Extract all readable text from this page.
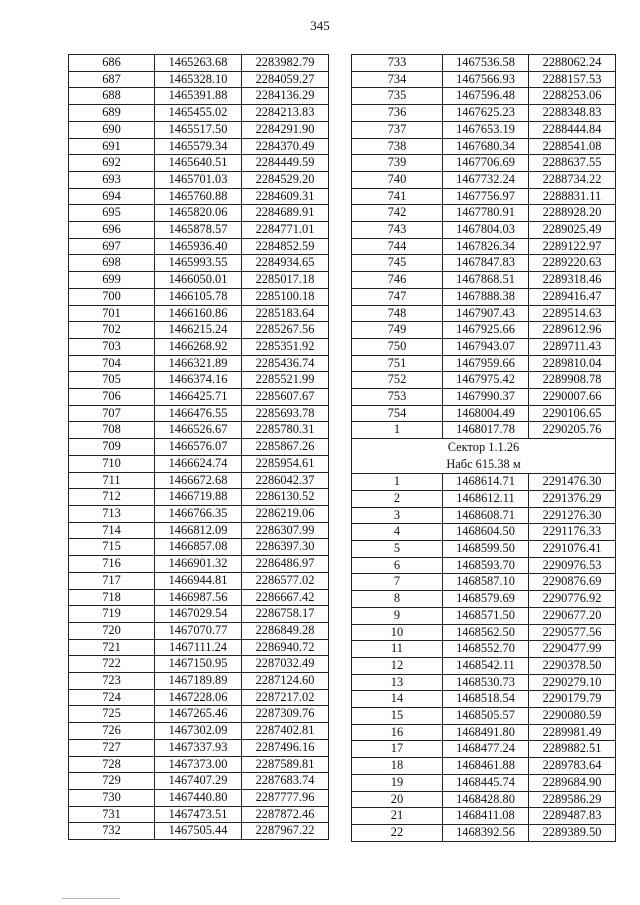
345
686	1465263.68	2283982.79
687	1465328.10	2284059.27
688	1465391.88	2284136.29
689	1465455.02	2284213.83
690	1465517.50	2284291.90
691	1465579.34	2284370.49
692	1465640.51	2284449.59
693	1465701.03	2284529.20
694	1465760.88	2284609.31
695	1465820.06	2284689.91
696	1465878.57	2284771.01
697	1465936.40	2284852.59
698	1465993.55	2284934.65
699	1466050.01	2285017.18
700	1466105.78	2285100.18
701	1466160.86	2285183.64
702	1466215.24	2285267.56
703	1466268.92	2285351.92
704	1466321.89	2285436.74
705	1466374.16	2285521.99
706	1466425.71	2285607.67
707	1466476.55	2285693.78
708	1466526.67	2285780.31
709	1466576.07	2285867.26
710	1466624.74	2285954.61
711	1466672.68	2286042.37
712	1466719.88	2286130.52
713	1466766.35	2286219.06
714	1466812.09	2286307.99
715	1466857.08	2286397.30
716	1466901.32	2286486.97
717	1466944.81	2286577.02
718	1466987.56	2286667.42
719	1467029.54	2286758.17
720	1467070.77	2286849.28
721	1467111.24	2286940.72
722	1467150.95	2287032.49
723	1467189.89	2287124.60
724	1467228.06	2287217.02
725	1467265.46	2287309.76
726	1467302.09	2287402.81
727	1467337.93	2287496.16
728	1467373.00	2287589.81
729	1467407.29	2287683.74
730	1467440.80	2287777.96
731	1467473.51	2287872.46
732	1467505.44	2287967.22
733	1467536.58	2288062.24
734	1467566.93	2288157.53
735	1467596.48	2288253.06
736	1467625.23	2288348.83
737	1467653.19	2288444.84
738	1467680.34	2288541.08
739	1467706.69	2288637.55
740	1467732.24	2288734.22
741	1467756.97	2288831.11
742	1467780.91	2288928.20
743	1467804.03	2289025.49
744	1467826.34	2289122.97
745	1467847.83	2289220.63
746	1467868.51	2289318.46
747	1467888.38	2289416.47
748	1467907.43	2289514.63
749	1467925.66	2289612.96
750	1467943.07	2289711.43
751	1467959.66	2289810.04
752	1467975.42	2289908.78
753	1467990.37	2290007.66
754	1468004.49	2290106.65
1	1468017.78	2290205.76

Сектор 1.1.26
Набс 615.38 м		

1	1468614.71	2291476.30
2	1468612.11	2291376.29
3	1468608.71	2291276.30
4	1468604.50	2291176.33
5	1468599.50	2291076.41
6	1468593.70	2290976.53
7	1468587.10	2290876.69
8	1468579.69	2290776.92
9	1468571.50	2290677.20
10	1468562.50	2290577.56
11	1468552.70	2290477.99
12	1468542.11	2290378.50
13	1468530.73	2290279.10
14	1468518.54	2290179.79
15	1468505.57	2290080.59
16	1468491.80	2289981.49
17	1468477.24	2289882.51
18	1468461.88	2289783.64
19	1468445.74	2289684.90
20	1468428.80	2289586.29
21	1468411.08	2289487.83
22	1468392.56	2289389.50
